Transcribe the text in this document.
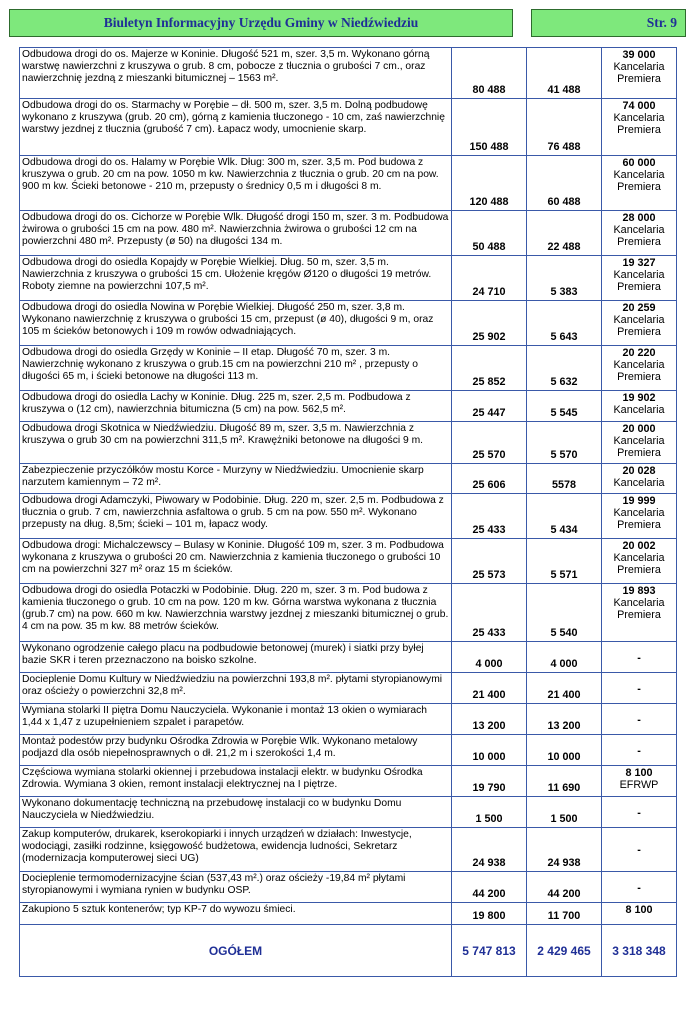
Biuletyn Informacyjny Urzędu Gminy w Niedźwiedziu	Str. 9
Odbudowa drogi do os. Majerze w Koninie. Długość 521 m, szer. 3,5 m. Wykonano górną warstwę nawierzchni z kruszywa o grub. 8 cm, pobocze z tłucznia o grubości 7 cm., oraz nawierzchnię jezdną z mieszanki bitumicznej – 1563 m².	80 488	41 488	39 000
Kancelaria Premiera

Odbudowa drogi do os. Starmachy w Porębie – dł. 500 m, szer. 3,5 m. Dolną podbudowę wykonano z kruszywa (grub. 20 cm), górną z kamienia tłuczonego - 10 cm, zaś nawierzchnię warstwy jezdnej z tłucznia (grubość 7 cm). Łapacz wody, umocnienie skarp.	150 488	76 488	74 000
Kancelaria Premiera

Odbudowa drogi do os. Halamy w Porębie Wlk. Dług: 300 m, szer. 3,5 m. Pod budowa z kruszywa o grub. 20 cm na pow. 1050 m kw. Nawierzchnia z tłucznia o grub. 20 cm na pow. 900 m kw. Ścieki betonowe - 210 m, przepusty o średnicy 0,5 m i długości 8 m.	120 488	60 488	60 000
Kancelaria Premiera

Odbudowa drogi do os. Cichorze w Porębie Wlk. Długość drogi 150 m, szer. 3 m. Podbudowa żwirowa o grubości 15 cm na pow. 480 m². Nawierzchnia żwirowa o grubości 12 cm na powierzchni 480 m². Przepusty (ø 50) na długości 134 m.	50 488	22 488	28 000
Kancelaria Premiera

Odbudowa drogi do osiedla Kopajdy w Porębie Wielkiej. Dług. 50 m, szer. 3,5 m. Nawierzchnia z kruszywa o grubości 15 cm. Ułożenie kręgów Ø120 o długości 19 metrów. Roboty ziemne na powierzchni 107,5 m².	24 710	5 383	19 327
Kancelaria Premiera

Odbudowa drogi do osiedla Nowina w Porębie Wielkiej. Długość 250 m, szer. 3,8 m. Wykonano nawierzchnię z kruszywa o grubości 15 cm, przepust (ø 40), długości 9 m, oraz 105 m ścieków betonowych i 109 m rowów odwadniających.	25 902	5 643	20 259
Kancelaria Premiera

Odbudowa drogi do osiedla Grzędy w Koninie – II etap. Długość 70 m, szer. 3 m. Nawierzchnię wykonano z kruszywa o grub.15 cm na powierzchni 210 m² , przepusty o długości 65 m, i ścieki betonowe na długości 113 m.	25 852	5 632	20 220
Kancelaria Premiera

Odbudowa drogi do osiedla Lachy w Koninie. Dług. 225 m, szer. 2,5 m. Podbudowa z kruszywa o (12 cm), nawierzchnia bitumiczna (5 cm) na pow. 562,5 m².	25 447	5 545	19 902
Kancelaria

Odbudowa drogi Skotnica w Niedźwiedziu. Długość 89 m, szer. 3,5 m. Nawierzchnia z kruszywa o grub 30 cm na powierzchni 311,5 m². Krawężniki betonowe na długości 9 m.	25 570	5 570	20 000
Kancelaria Premiera

Zabezpieczenie przyczółków mostu Korce - Murzyny w Niedźwiedziu. Umocnienie skarp narzutem kamiennym – 72 m².	25 606	5578	20 028
Kancelaria

Odbudowa drogi Adamczyki, Piwowary w Podobinie. Dług. 220 m, szer. 2,5 m. Podbudowa z tłucznia o grub. 7 cm, nawierzchnia asfaltowa o grub. 5 cm na pow. 550 m². Wykonano przepusty na dług. 8,5m; ścieki – 101 m, łapacz wody.	25 433	5 434	19 999
Kancelaria Premiera

Odbudowa drogi: Michalczewscy – Bulasy w Koninie. Długość 109 m, szer. 3 m. Podbudowa wykonana z kruszywa o grubości 20 cm. Nawierzchnia z kamienia tłuczonego o grubości 10 cm na powierzchni 327 m² oraz 15 m ścieków.	25 573	5 571	20 002
Kancelaria Premiera

Odbudowa drogi do osiedla Potaczki w Podobinie. Dług. 220 m, szer. 3 m. Pod budowa z kamienia tłuczonego o grub. 10 cm na pow. 120 m kw. Górna warstwa wykonana z tłucznia (grub.7 cm) na pow. 660 m kw. Nawierzchnia warstwy jezdnej z mieszanki bitumicznej o grub. 4 cm na pow. 35 m kw. 88 metrów ścieków.	25 433	5 540	19 893
Kancelaria Premiera

Wykonano ogrodzenie całego placu na podbudowie betonowej (murek) i siatki przy byłej bazie SKR i teren przeznaczono na boisko szkolne.	4 000	4 000	-

Docieplenie Domu Kultury w Niedźwiedziu na powierzchni 193,8 m². płytami styropianowymi oraz ościeży o powierzchni 32,8 m².	21 400	21 400	-

Wymiana stolarki II piętra Domu Nauczyciela. Wykonanie i montaż 13 okien o wymiarach 1,44 x 1,47 z uzupełnieniem szpalet i parapetów.	13 200	13 200	-

Montaż podestów przy budynku Ośrodka Zdrowia w Porębie Wlk. Wykonano metalowy podjazd dla osób niepełnosprawnych o dł. 21,2 m i szerokości 1,4 m.	10 000	10 000	-

Częściowa wymiana stolarki okiennej i przebudowa instalacji elektr. w budynku Ośrodka Zdrowia. Wymiana 3 okien, remont instalacji elektrycznej na I piętrze.	19 790	11 690	8 100
EFRWP

Wykonano dokumentację techniczną na przebudowę instalacji co w budynku Domu Nauczyciela w Niedźwiedziu.	1 500	1 500	-

Zakup komputerów, drukarek, kserokopiarki i innych urządzeń w działach: Inwestycje, wodociągi, zasiłki rodzinne, księgowość budżetowa, ewidencja ludności, Sekretarz (modernizacja komputerowej sieci UG)	24 938	24 938	-

Docieplenie termomodernizacyjne ścian (537,43 m².) oraz ościeży -19,84 m² płytami styropianowymi i wymiana rynien w budynku OSP.	44 200	44 200	-

Zakupiono 5 sztuk kontenerów; typ KP-7 do wywozu śmieci.	19 800	11 700	8 100

OGÓŁEM	5 747 813	2 429 465	3 318 348
